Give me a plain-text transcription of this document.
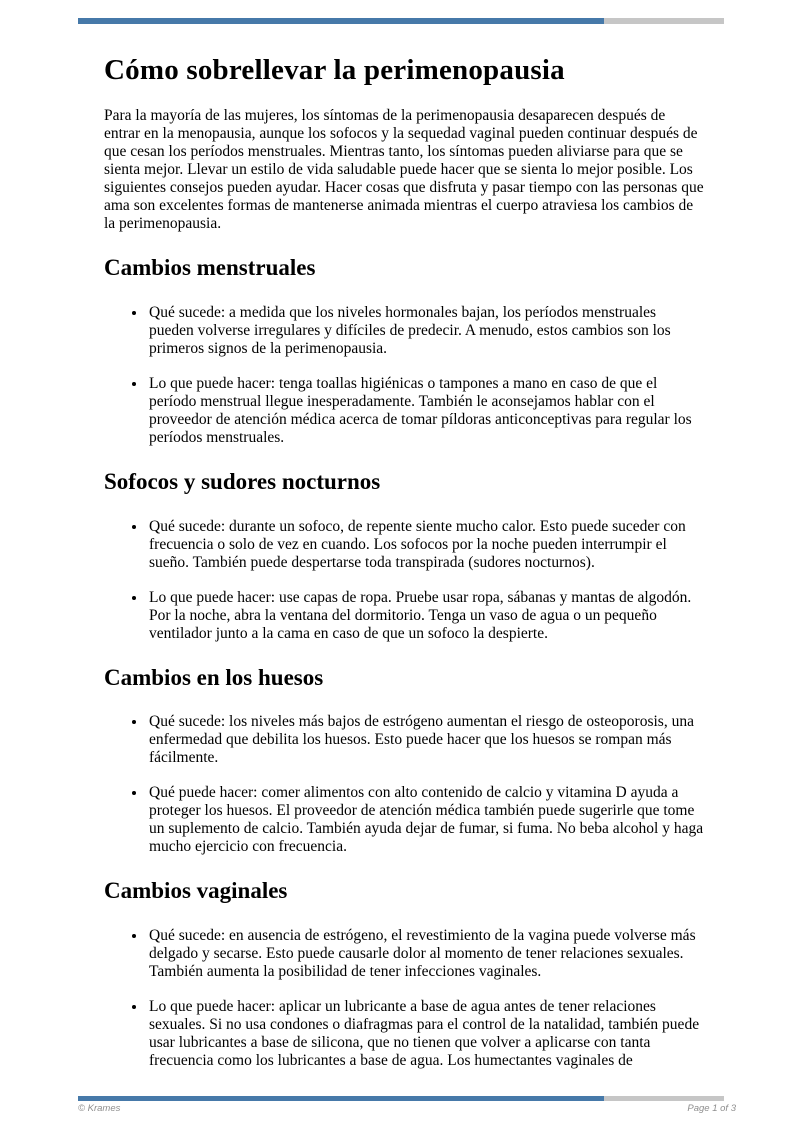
Cómo sobrellevar la perimenopausia

Para la mayoría de las mujeres, los síntomas de la perimenopausia desaparecen después de entrar en la menopausia, aunque los sofocos y la sequedad vaginal pueden continuar después de que cesan los períodos menstruales. Mientras tanto, los síntomas pueden aliviarse para que se sienta mejor. Llevar un estilo de vida saludable puede hacer que se sienta lo mejor posible. Los siguientes consejos pueden ayudar. Hacer cosas que disfruta y pasar tiempo con las personas que ama son excelentes formas de mantenerse animada mientras el cuerpo atraviesa los cambios de la perimenopausia.

Cambios menstruales
• Qué sucede: a medida que los niveles hormonales bajan, los períodos menstruales pueden volverse irregulares y difíciles de predecir. A menudo, estos cambios son los primeros signos de la perimenopausia.
• Lo que puede hacer: tenga toallas higiénicas o tampones a mano en caso de que el período menstrual llegue inesperadamente. También le aconsejamos hablar con el proveedor de atención médica acerca de tomar píldoras anticonceptivas para regular los períodos menstruales.
Sofocos y sudores nocturnos
• Qué sucede: durante un sofoco, de repente siente mucho calor. Esto puede suceder con frecuencia o solo de vez en cuando. Los sofocos por la noche pueden interrumpir el sueño. También puede despertarse toda transpirada (sudores nocturnos).
• Lo que puede hacer: use capas de ropa. Pruebe usar ropa, sábanas y mantas de algodón. Por la noche, abra la ventana del dormitorio. Tenga un vaso de agua o un pequeño ventilador junto a la cama en caso de que un sofoco la despierte.
Cambios en los huesos
• Qué sucede: los niveles más bajos de estrógeno aumentan el riesgo de osteoporosis, una enfermedad que debilita los huesos. Esto puede hacer que los huesos se rompan más fácilmente.
• Qué puede hacer: comer alimentos con alto contenido de calcio y vitamina D ayuda a proteger los huesos. El proveedor de atención médica también puede sugerirle que tome un suplemento de calcio. También ayuda dejar de fumar, si fuma. No beba alcohol y haga mucho ejercicio con frecuencia.
Cambios vaginales
• Qué sucede: en ausencia de estrógeno, el revestimiento de la vagina puede volverse más delgado y secarse. Esto puede causarle dolor al momento de tener relaciones sexuales. También aumenta la posibilidad de tener infecciones vaginales.
• Lo que puede hacer: aplicar un lubricante a base de agua antes de tener relaciones sexuales. Si no usa condones o diafragmas para el control de la natalidad, también puede usar lubricantes a base de silicona, que no tienen que volver a aplicarse con tanta frecuencia como los lubricantes a base de agua. Los humectantes vaginales de
© Krames	Page 1 of 3
